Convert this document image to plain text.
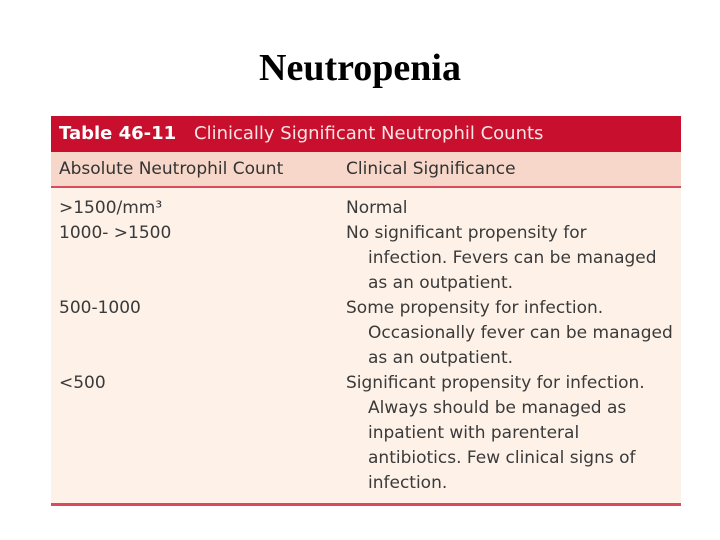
Neutropenia
Table 46-11 Clinically Significant Neutrophil Counts
Absolute Neutrophil Count	Clinical Significance
>1500/mm³	Normal
1000- >1500	No significant propensity for
infection. Fevers can be managed
as an outpatient.
500-1000	Some propensity for infection.
Occasionally fever can be managed
as an outpatient.
<500	Significant propensity for infection.
Always should be managed as
inpatient with parenteral
antibiotics. Few clinical signs of
infection.
